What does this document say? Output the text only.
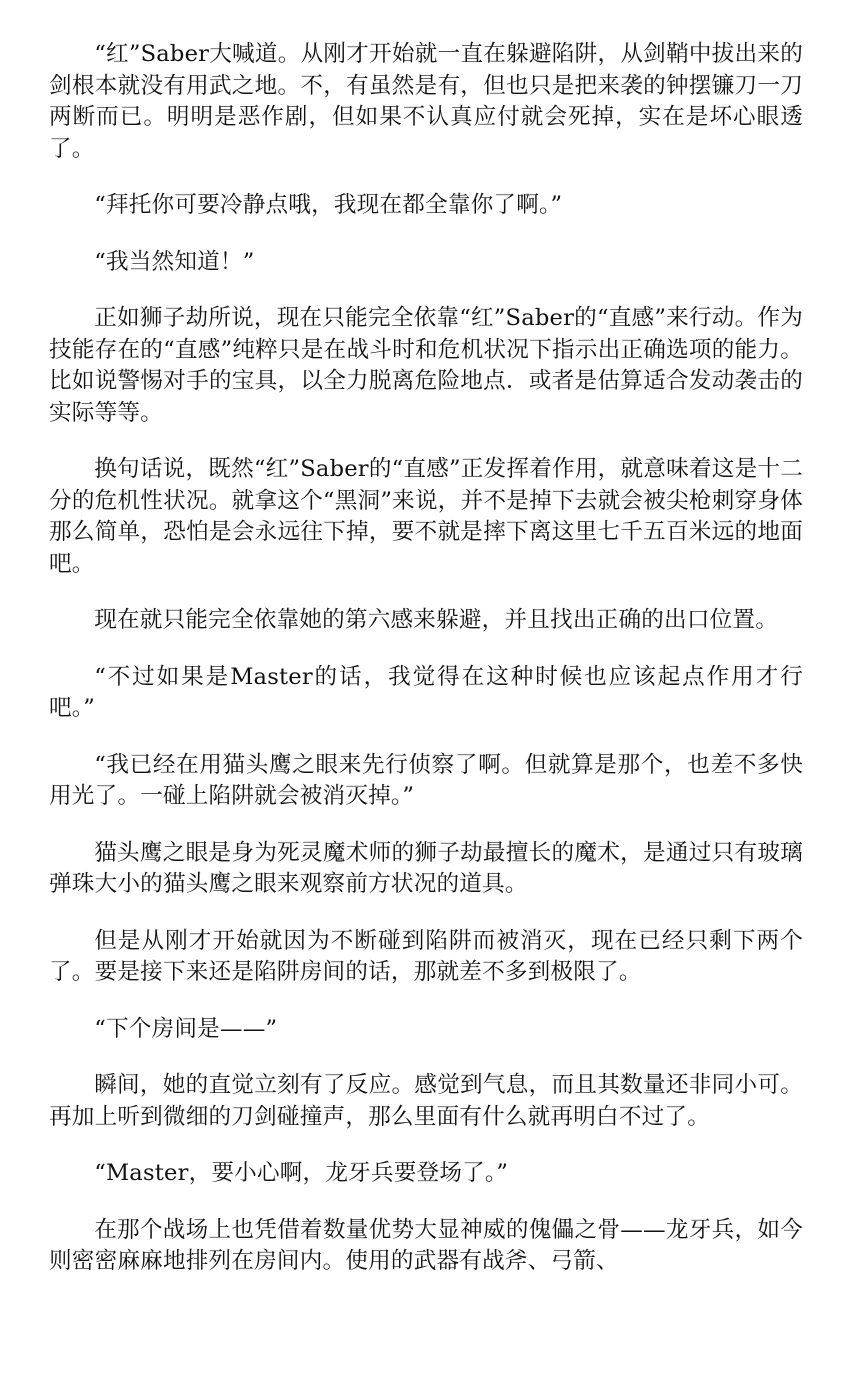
“红”Saber大喊道。从刚才开始就一直在躲避陷阱，从剑鞘中拔出来的剑根本就没有用武之地。不，有虽然是有，但也只是把来袭的钟摆镰刀一刀两断而已。明明是恶作剧，但如果不认真应付就会死掉，实在是坏心眼透了。

“拜托你可要冷静点哦，我现在都全靠你了啊。”

“我当然知道！”

正如狮子劫所说，现在只能完全依靠“红”Saber的“直感”来行动。作为技能存在的“直感”纯粹只是在战斗时和危机状况下指示出正确选项的能力。比如说警惕对手的宝具，以全力脱离危险地点．或者是估算适合发动袭击的实际等等。

换句话说，既然“红”Saber的“直感”正发挥着作用，就意味着这是十二分的危机性状况。就拿这个“黑洞”来说，并不是掉下去就会被尖枪刺穿身体那么简单，恐怕是会永远往下掉，要不就是摔下离这里七千五百米远的地面吧。

现在就只能完全依靠她的第六感来躲避，并且找出正确的出口位置。

“不过如果是Master的话，我觉得在这种时候也应该起点作用才行吧。”

“我已经在用猫头鹰之眼来先行侦察了啊。但就算是那个，也差不多快用光了。一碰上陷阱就会被消灭掉。”

猫头鹰之眼是身为死灵魔术师的狮子劫最擅长的魔术，是通过只有玻璃弹珠大小的猫头鹰之眼来观察前方状况的道具。

但是从刚才开始就因为不断碰到陷阱而被消灭，现在已经只剩下两个了。要是接下来还是陷阱房间的话，那就差不多到极限了。

“下个房间是——”

瞬间，她的直觉立刻有了反应。感觉到气息，而且其数量还非同小可。再加上听到微细的刀剑碰撞声，那么里面有什么就再明白不过了。

“Master，要小心啊，龙牙兵要登场了。”

在那个战场上也凭借着数量优势大显神威的傀儡之骨——龙牙兵，如今则密密麻麻地排列在房间内。使用的武器有战斧、弓箭、
